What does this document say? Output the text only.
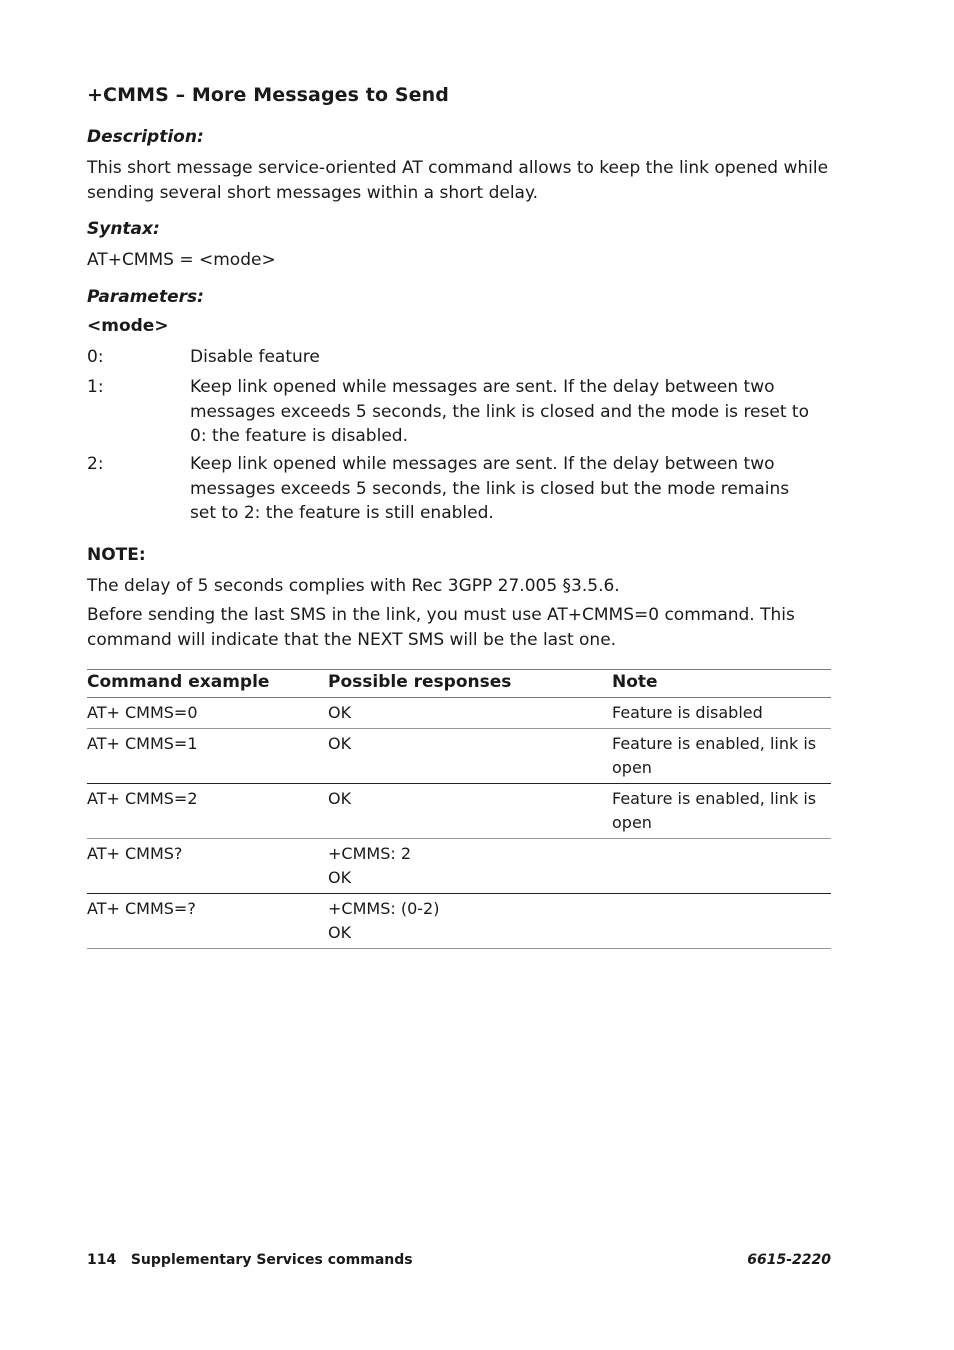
+CMMS – More Messages to Send
Description:
This short message service-oriented AT command allows to keep the link opened while sending several short messages within a short delay.
Syntax:
AT+CMMS = <mode>
Parameters:
<mode>
0:	Disable feature
1:	Keep link opened while messages are sent. If the delay between two messages exceeds 5 seconds, the link is closed and the mode is reset to 0: the feature is disabled.
2:	Keep link opened while messages are sent. If the delay between two messages exceeds 5 seconds, the link is closed but the mode remains set to 2: the feature is still enabled.
NOTE:
The delay of 5 seconds complies with Rec 3GPP 27.005 §3.5.6.
Before sending the last SMS in the link, you must use AT+CMMS=0 command. This command will indicate that the NEXT SMS will be the last one.
Command example	Possible responses	Note
AT+ CMMS=0	OK	Feature is disabled
AT+ CMMS=1	OK	Feature is enabled, link is open
AT+ CMMS=2	OK	Feature is enabled, link is open
AT+ CMMS?	+CMMS: 2
OK	

AT+ CMMS=?	+CMMS: (0-2)
OK	

114   Supplementary Services commands	6615-2220
